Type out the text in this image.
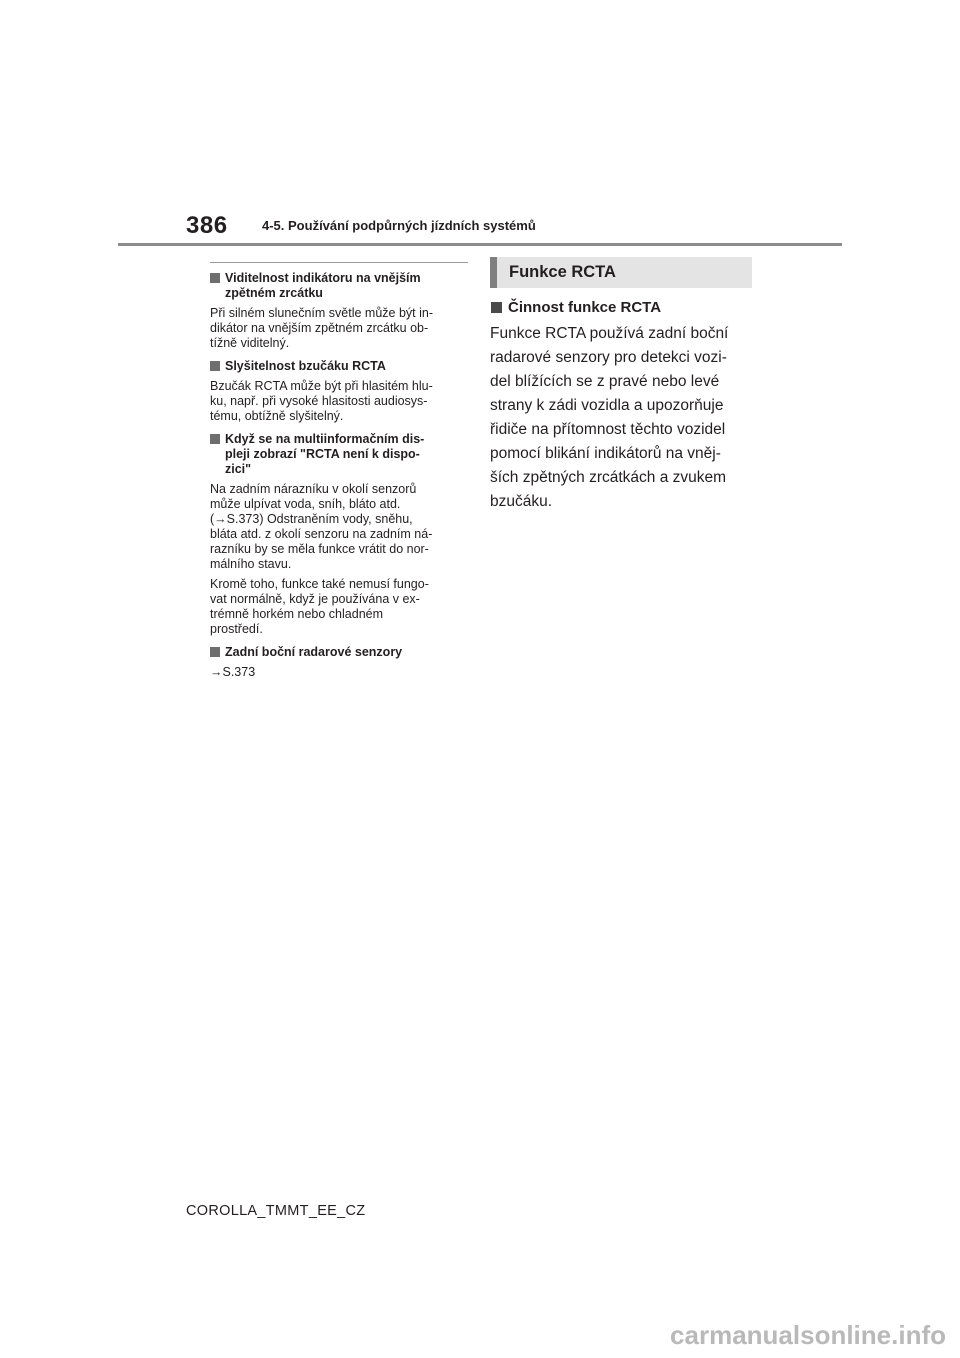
386	4-5. Používání podpůrných jízdních systémů
Viditelnost indikátoru na vnějším
zpětném zrcátku
Při silném slunečním světle může být in-
dikátor na vnějším zpětném zrcátku ob-
tížně viditelný.
Slyšitelnost bzučáku RCTA
Bzučák RCTA může být při hlasitém hlu-
ku, např. při vysoké hlasitosti audiosys-
tému, obtížně slyšitelný.
Když se na multiinformačním dis-
pleji zobrazí "RCTA není k dispo-
zici"
Na zadním nárazníku v okolí senzorů
může ulpívat voda, sníh, bláto atd.
(→S.373) Odstraněním vody, sněhu,
bláta atd. z okolí senzoru na zadním ná-
razníku by se měla funkce vrátit do nor-
málního stavu.
Kromě toho, funkce také nemusí fungo-
vat normálně, když je používána v ex-
trémně horkém nebo chladném
prostředí.
Zadní boční radarové senzory
→S.373
Funkce RCTA
Činnost funkce RCTA
Funkce RCTA používá zadní boční
radarové senzory pro detekci vozi-
del blížících se z pravé nebo levé
strany k zádi vozidla a upozorňuje
řidiče na přítomnost těchto vozidel
pomocí blikání indikátorů na vněj-
ších zpětných zrcátkách a zvukem
bzučáku.
COROLLA_TMMT_EE_CZ
carmanualsonline.info
